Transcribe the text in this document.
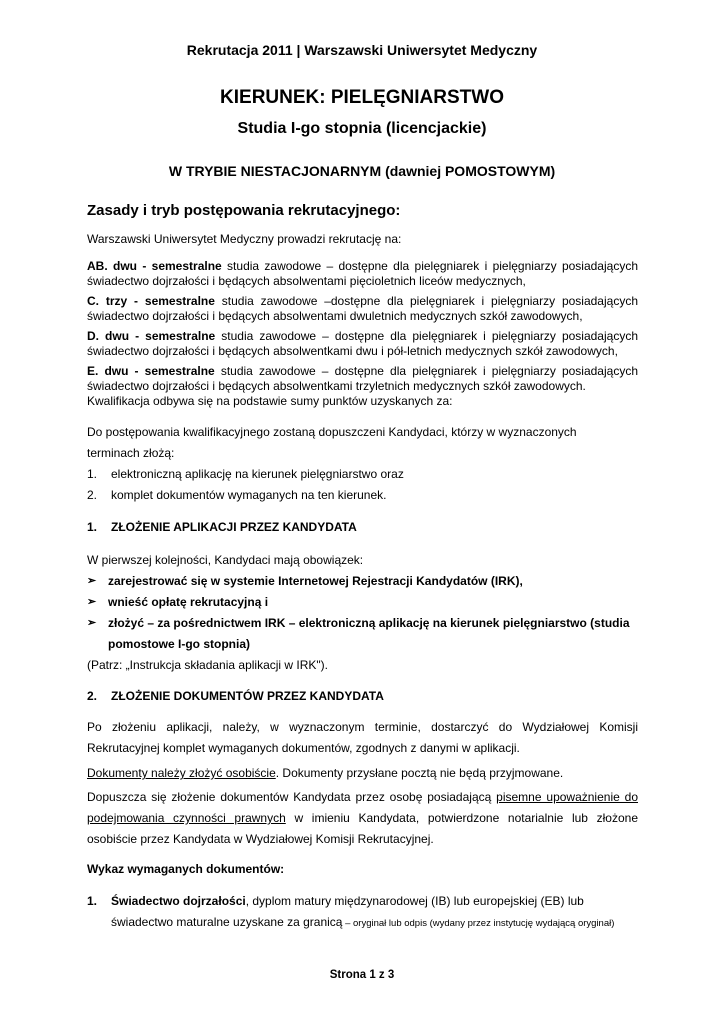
Rekrutacja 2011 | Warszawski Uniwersytet Medyczny
KIERUNEK: PIELĘGNIARSTWO
Studia I-go stopnia (licencjackie)
W TRYBIE NIESTACJONARNYM (dawniej POMOSTOWYM)
Zasady i tryb postępowania rekrutacyjnego:

Warszawski Uniwersytet Medyczny prowadzi rekrutację na:

AB. dwu - semestralne studia zawodowe – dostępne dla pielęgniarek i pielęgniarzy posiadających świadectwo dojrzałości i będących absolwentami pięcioletnich liceów medycznych,

C. trzy - semestralne studia zawodowe –dostępne dla pielęgniarek i pielęgniarzy posiadających świadectwo dojrzałości i będących absolwentami dwuletnich medycznych szkół zawodowych,

D. dwu - semestralne studia zawodowe – dostępne dla pielęgniarek i pielęgniarzy posiadających świadectwo dojrzałości i będących absolwentkami dwu i pół-letnich medycznych szkół zawodowych,

E. dwu - semestralne studia zawodowe – dostępne dla pielęgniarek i pielęgniarzy posiadających świadectwo dojrzałości i będących absolwentkami trzyletnich medycznych szkół zawodowych.

Kwalifikacja odbywa się na podstawie sumy punktów uzyskanych za:

Do postępowania kwalifikacyjnego zostaną dopuszczeni Kandydaci, którzy w wyznaczonych

terminach złożą:

1.	elektroniczną aplikację na kierunek pielęgniarstwo oraz
2.	komplet dokumentów wymaganych na ten kierunek.
1.	ZŁOŻENIE APLIKACJI PRZEZ KANDYDATA

W pierwszej kolejności, Kandydaci mają obowiązek:

➢ zarejestrować się w systemie Internetowej Rejestracji Kandydatów (IRK),
➢ wnieść opłatę rekrutacyjną i
➢ złożyć – za pośrednictwem IRK – elektroniczną aplikację na kierunek pielęgniarstwo (studia pomostowe I-go stopnia)

(Patrz: „Instrukcja składania aplikacji w IRK").

2.	ZŁOŻENIE DOKUMENTÓW PRZEZ KANDYDATA

Po złożeniu aplikacji, należy, w wyznaczonym terminie, dostarczyć do Wydziałowej Komisji Rekrutacyjnej komplet wymaganych dokumentów, zgodnych z danymi w aplikacji.

Dokumenty należy złożyć osobiście. Dokumenty przysłane pocztą nie będą przyjmowane.

Dopuszcza się złożenie dokumentów Kandydata przez osobę posiadającą pisemne upoważnienie do podejmowania czynności prawnych w imieniu Kandydata, potwierdzone notarialnie lub złożone osobiście przez Kandydata w Wydziałowej Komisji Rekrutacyjnej.

Wykaz wymaganych dokumentów:

1.	Świadectwo dojrzałości, dyplom matury międzynarodowej (IB) lub europejskiej (EB) lub świadectwo maturalne uzyskane za granicą – oryginał lub odpis (wydany przez instytucję wydającą oryginał)
Strona 1 z 3
